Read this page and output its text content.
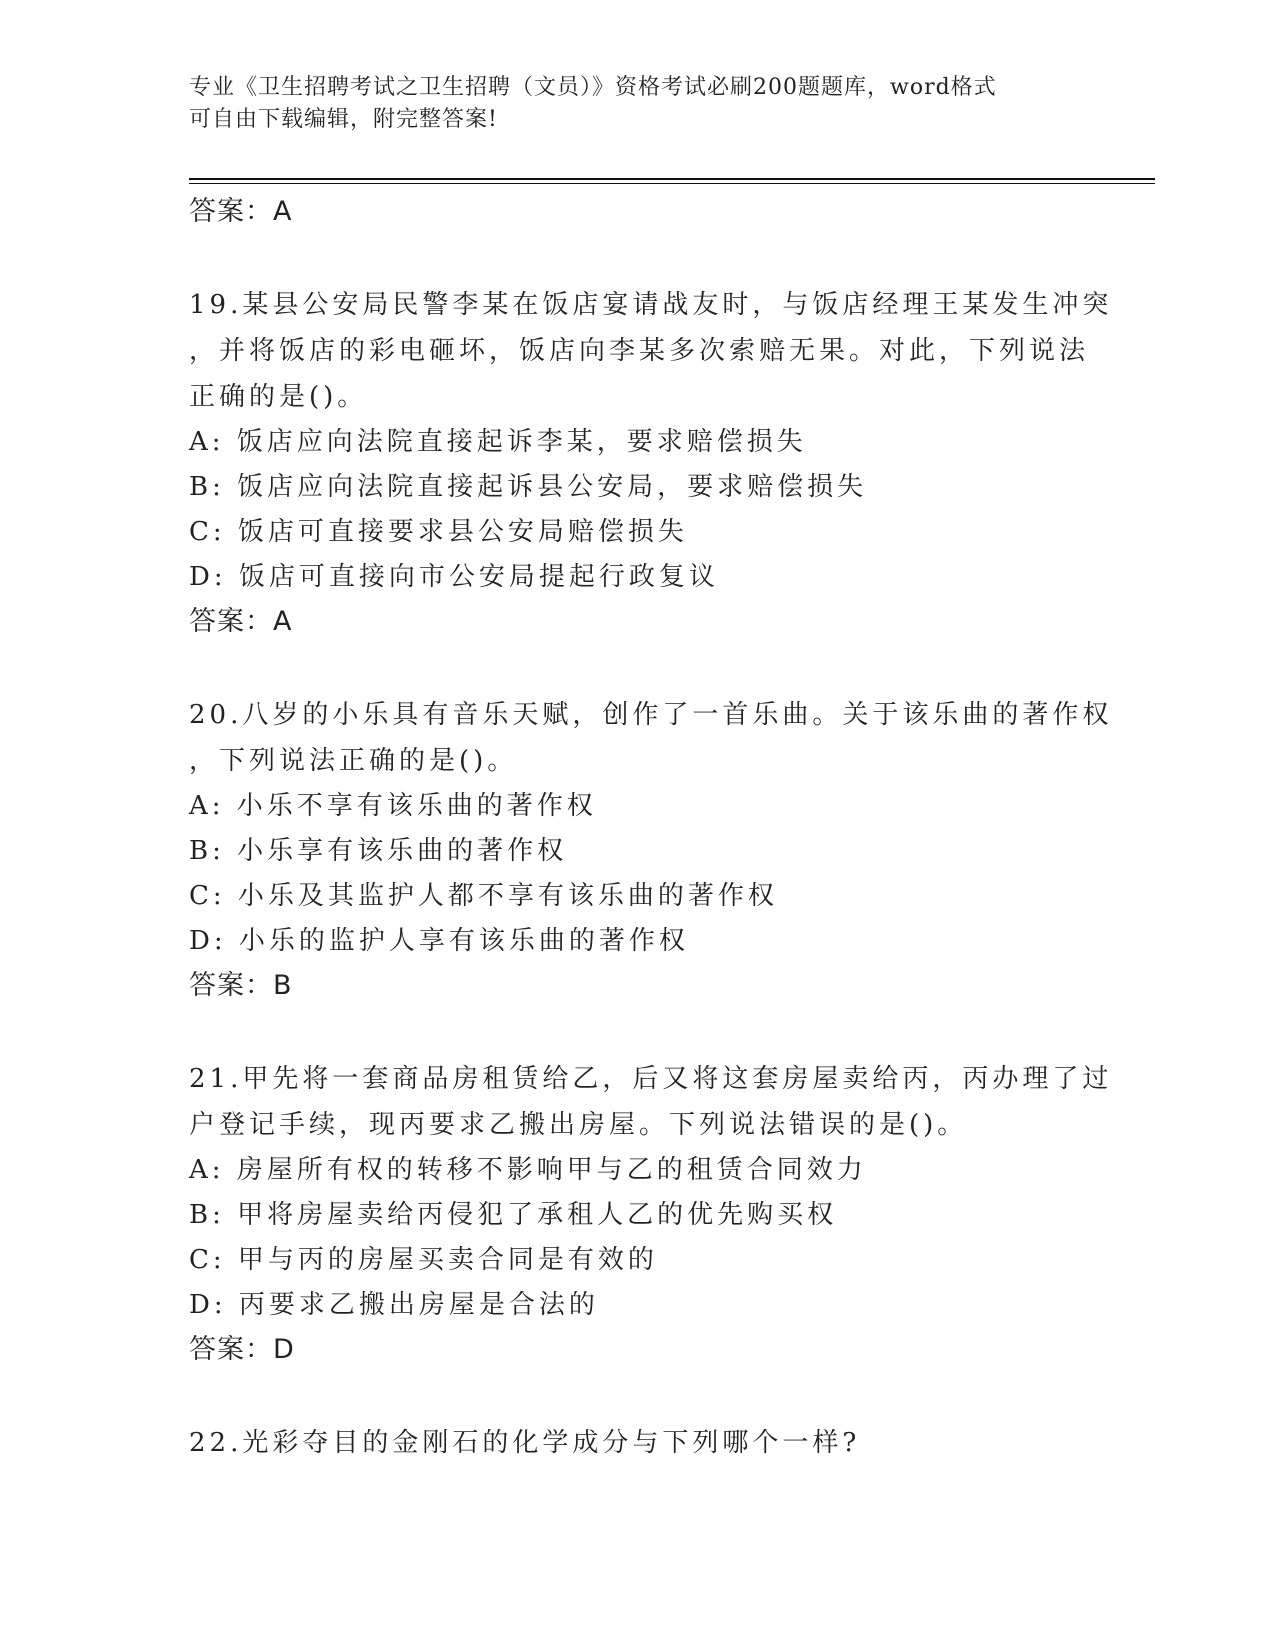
专业《卫生招聘考试之卫生招聘（文员）》资格考试必刷200题题库，word格式
可自由下载编辑，附完整答案!
答案：A
19.某县公安局民警李某在饭店宴请战友时，与饭店经理王某发生冲突
，并将饭店的彩电砸坏，饭店向李某多次索赔无果。对此，下列说法
正确的是()。
A: 饭店应向法院直接起诉李某，要求赔偿损失
B: 饭店应向法院直接起诉县公安局，要求赔偿损失
C: 饭店可直接要求县公安局赔偿损失
D: 饭店可直接向市公安局提起行政复议
答案：A
20.八岁的小乐具有音乐天赋，创作了一首乐曲。关于该乐曲的著作权
，下列说法正确的是()。
A: 小乐不享有该乐曲的著作权
B: 小乐享有该乐曲的著作权
C: 小乐及其监护人都不享有该乐曲的著作权
D: 小乐的监护人享有该乐曲的著作权
答案：B
21.甲先将一套商品房租赁给乙，后又将这套房屋卖给丙，丙办理了过
户登记手续，现丙要求乙搬出房屋。下列说法错误的是()。
A: 房屋所有权的转移不影响甲与乙的租赁合同效力
B: 甲将房屋卖给丙侵犯了承租人乙的优先购买权
C: 甲与丙的房屋买卖合同是有效的
D: 丙要求乙搬出房屋是合法的
答案：D
22.光彩夺目的金刚石的化学成分与下列哪个一样?
